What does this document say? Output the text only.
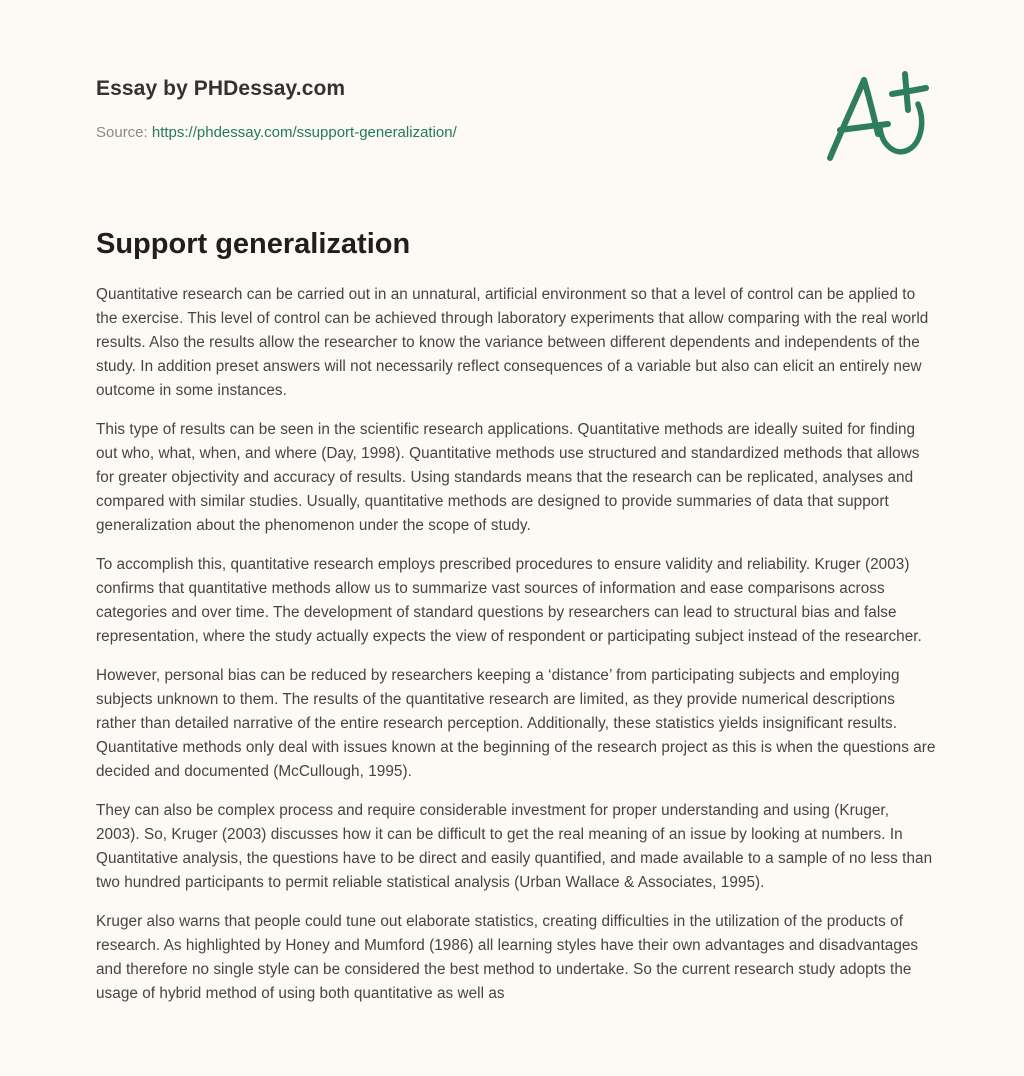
Essay by PHDessay.com
Source: https://phdessay.com/ssupport-generalization/
Support generalization

Quantitative research can be carried out in an unnatural, artificial environment so that a level of control can be applied to the exercise. This level of control can be achieved through laboratory experiments that allow comparing with the real world results. Also the results allow the researcher to know the variance between different dependents and independents of the study. In addition preset answers will not necessarily reflect consequences of a variable but also can elicit an entirely new outcome in some instances.

This type of results can be seen in the scientific research applications. Quantitative methods are ideally suited for finding out who, what, when, and where (Day, 1998). Quantitative methods use structured and standardized methods that allows for greater objectivity and accuracy of results. Using standards means that the research can be replicated, analyses and compared with similar studies. Usually, quantitative methods are designed to provide summaries of data that support generalization about the phenomenon under the scope of study.

To accomplish this, quantitative research employs prescribed procedures to ensure validity and reliability. Kruger (2003) confirms that quantitative methods allow us to summarize vast sources of information and ease comparisons across categories and over time. The development of standard questions by researchers can lead to structural bias and false representation, where the study actually expects the view of respondent or participating subject instead of the researcher.

However, personal bias can be reduced by researchers keeping a ‘distance’ from participating subjects and employing subjects unknown to them. The results of the quantitative research are limited, as they provide numerical descriptions rather than detailed narrative of the entire research perception. Additionally, these statistics yields insignificant results. Quantitative methods only deal with issues known at the beginning of the research project as this is when the questions are decided and documented (McCullough, 1995).

They can also be complex process and require considerable investment for proper understanding and using (Kruger, 2003). So, Kruger (2003) discusses how it can be difficult to get the real meaning of an issue by looking at numbers. In Quantitative analysis, the questions have to be direct and easily quantified, and made available to a sample of no less than two hundred participants to permit reliable statistical analysis (Urban Wallace & Associates, 1995).

Kruger also warns that people could tune out elaborate statistics, creating difficulties in the utilization of the products of research. As highlighted by Honey and Mumford (1986) all learning styles have their own advantages and disadvantages and therefore no single style can be considered the best method to undertake. So the current research study adopts the usage of hybrid method of using both quantitative as well as
